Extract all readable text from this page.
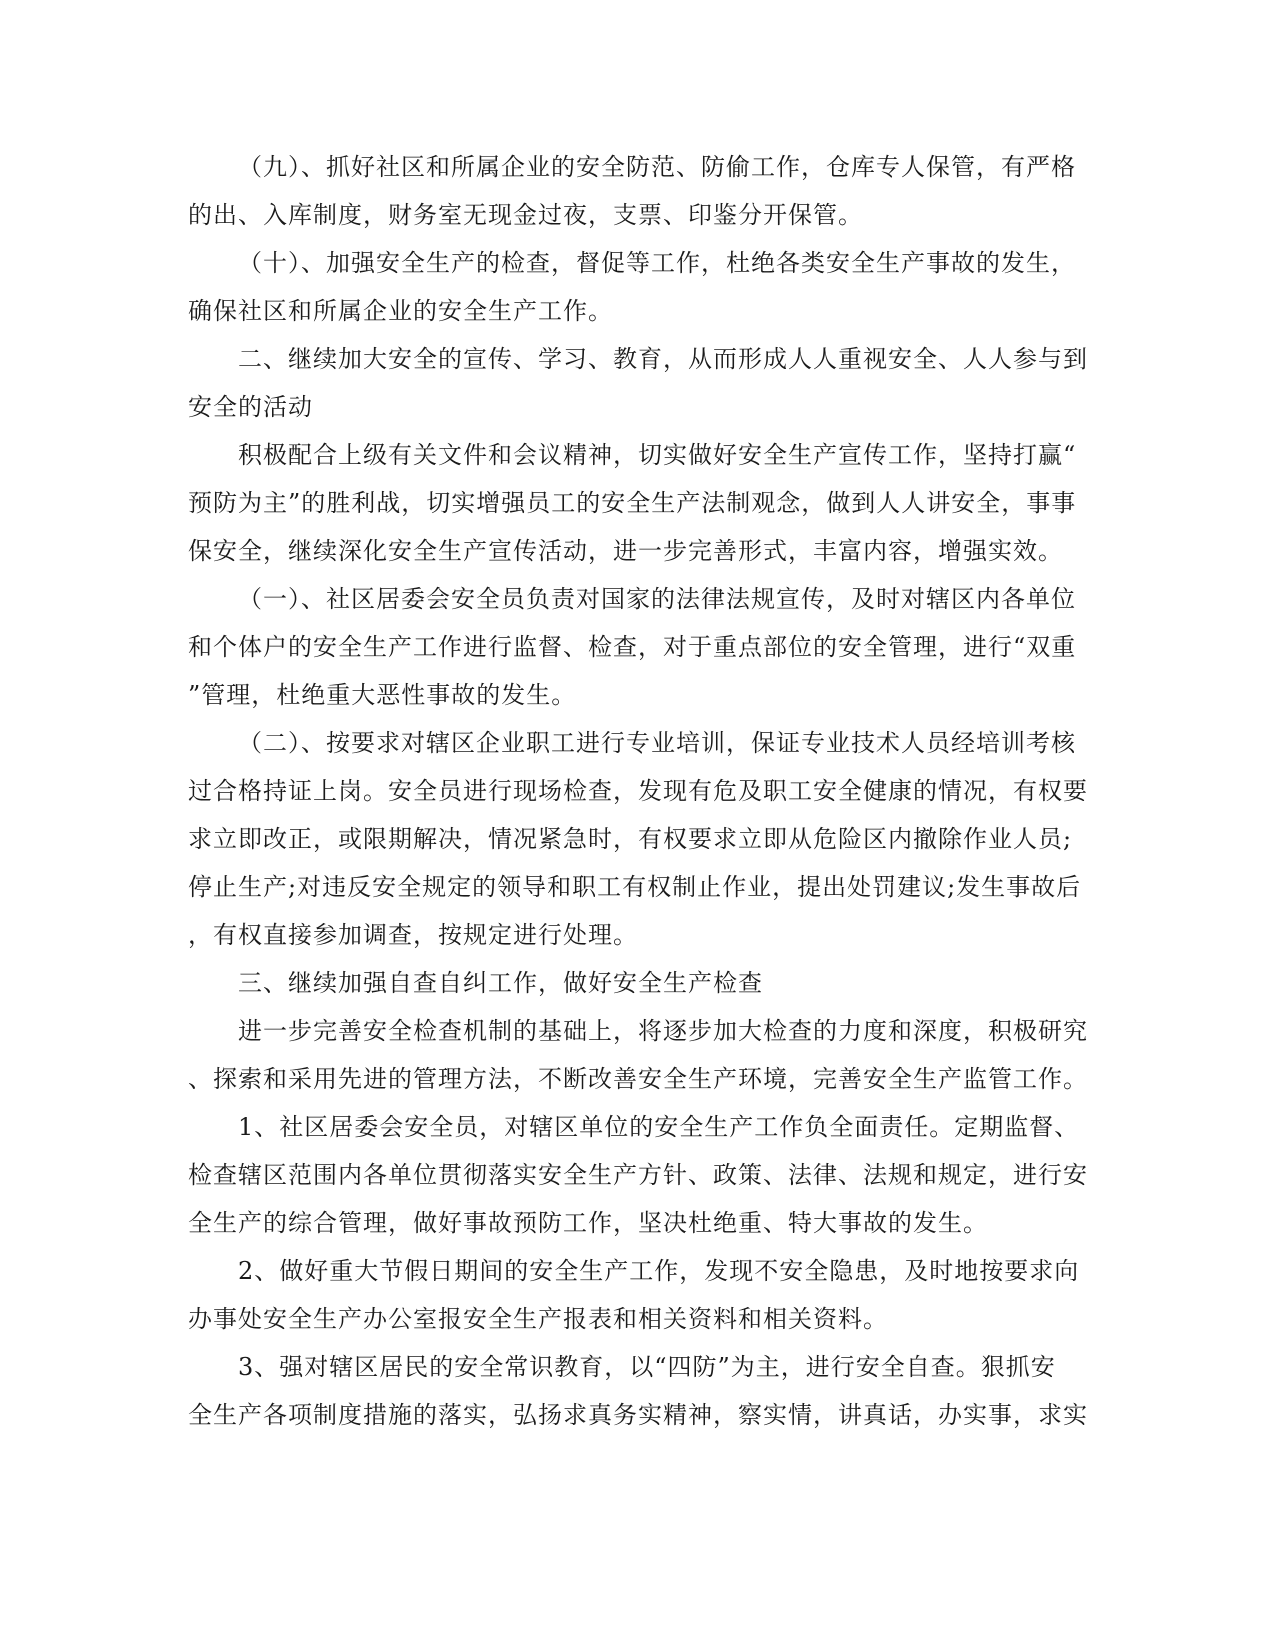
（九）、抓好社区和所属企业的安全防范、防偷工作，仓库专人保管，有严格
的出、入库制度，财务室无现金过夜，支票、印鉴分开保管。
（十）、加强安全生产的检查，督促等工作，杜绝各类安全生产事故的发生，
确保社区和所属企业的安全生产工作。
二、继续加大安全的宣传、学习、教育，从而形成人人重视安全、人人参与到
安全的活动
积极配合上级有关文件和会议精神，切实做好安全生产宣传工作，坚持打赢“
预防为主”的胜利战，切实增强员工的安全生产法制观念，做到人人讲安全，事事
保安全，继续深化安全生产宣传活动，进一步完善形式，丰富内容，增强实效。
（一）、社区居委会安全员负责对国家的法律法规宣传，及时对辖区内各单位
和个体户的安全生产工作进行监督、检查，对于重点部位的安全管理，进行“双重
”管理，杜绝重大恶性事故的发生。
（二）、按要求对辖区企业职工进行专业培训，保证专业技术人员经培训考核
过合格持证上岗。安全员进行现场检查，发现有危及职工安全健康的情况，有权要
求立即改正，或限期解决，情况紧急时，有权要求立即从危险区内撤除作业人员;
停止生产;对违反安全规定的领导和职工有权制止作业，提出处罚建议;发生事故后
，有权直接参加调查，按规定进行处理。
三、继续加强自查自纠工作，做好安全生产检查
进一步完善安全检查机制的基础上，将逐步加大检查的力度和深度，积极研究
、探索和采用先进的管理方法，不断改善安全生产环境，完善安全生产监管工作。
1、社区居委会安全员，对辖区单位的安全生产工作负全面责任。定期监督、
检查辖区范围内各单位贯彻落实安全生产方针、政策、法律、法规和规定，进行安
全生产的综合管理，做好事故预防工作，坚决杜绝重、特大事故的发生。
2、做好重大节假日期间的安全生产工作，发现不安全隐患，及时地按要求向
办事处安全生产办公室报安全生产报表和相关资料和相关资料。
3、强对辖区居民的安全常识教育，以“四防”为主，进行安全自查。狠抓安
全生产各项制度措施的落实，弘扬求真务实精神，察实情，讲真话，办实事，求实
